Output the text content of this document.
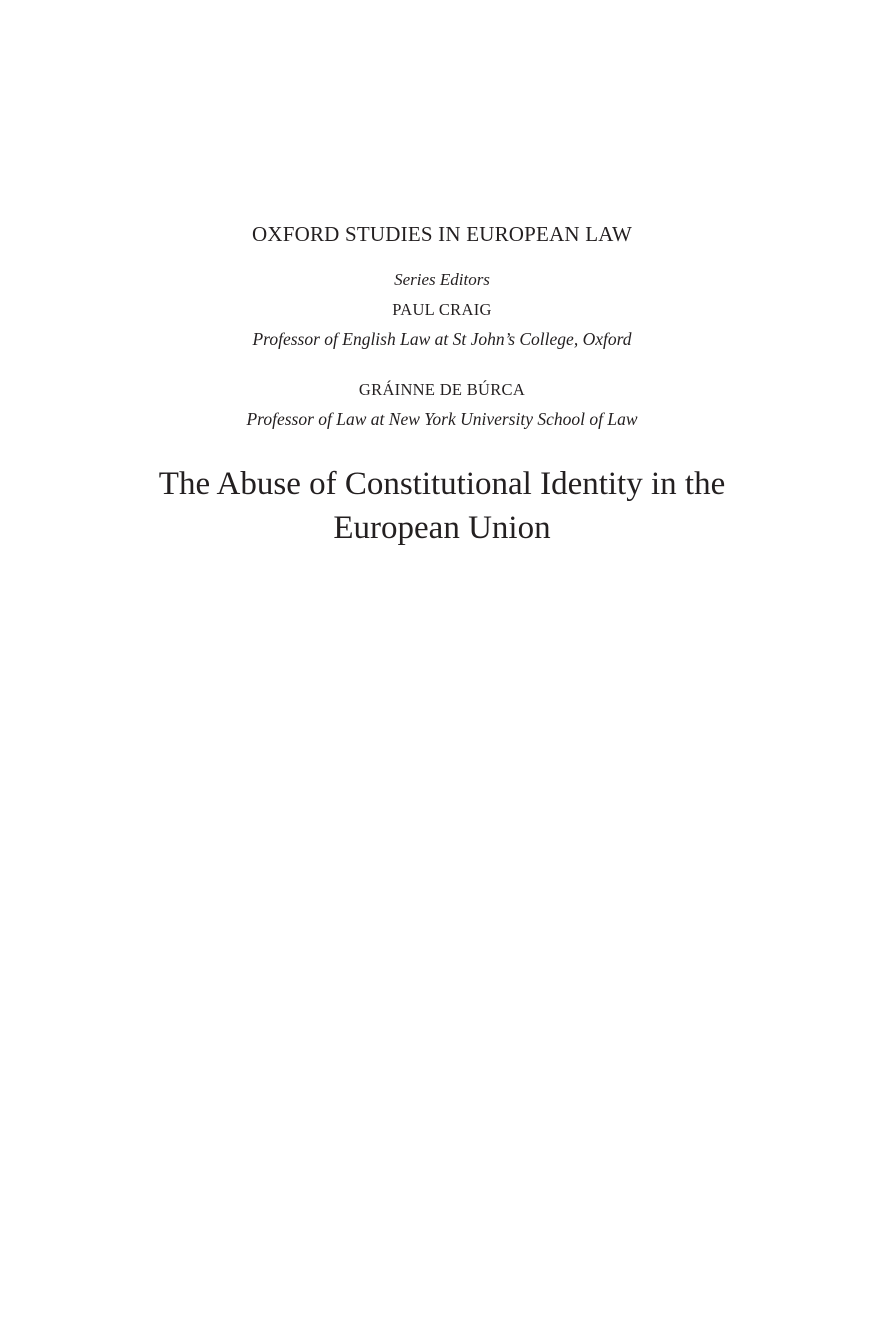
OXFORD STUDIES IN EUROPEAN LAW
Series Editors
PAUL CRAIG
Professor of English Law at St John’s College, Oxford
GRÁINNE DE BÚRCA
Professor of Law at New York University School of Law
The Abuse of Constitutional Identity in the
European Union
